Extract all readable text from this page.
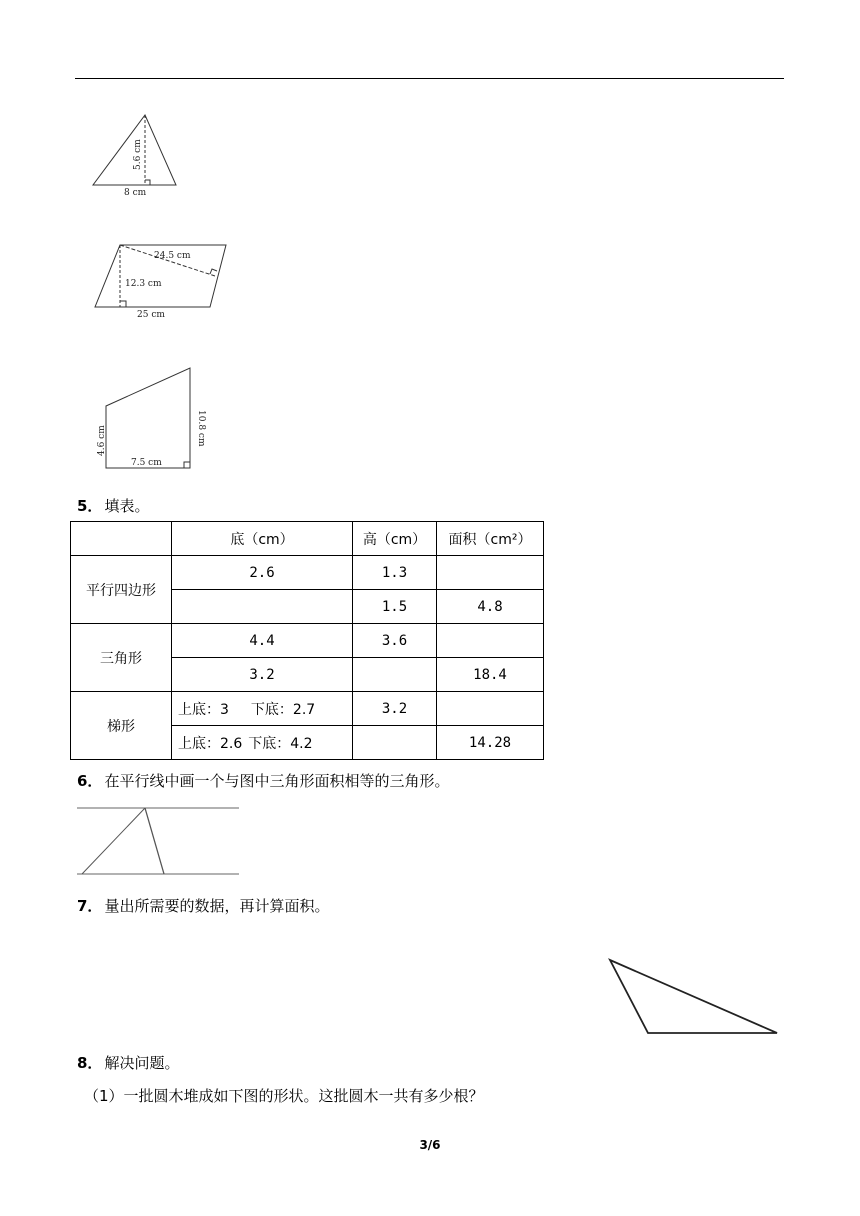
5.6 cm
8 cm
24.5 cm
12.3 cm
25 cm
4.6 cm	10.8 cm
7.5 cm
5． 填表。
	底（cm）	高（cm）	面积（cm²）
平行四边形	2.6	1.3	
		1.5	4.8
三角形	4.4	3.6	
	3.2		18.4
梯形	上底：3 下底：2.7	3.2	
	上底：2.6 下底：4.2		14.28
6． 在平行线中画一个与图中三角形面积相等的三角形。
7． 量出所需要的数据，再计算面积。
8． 解决问题。
（1）一批圆木堆成如下图的形状。这批圆木一共有多少根？
3/6
